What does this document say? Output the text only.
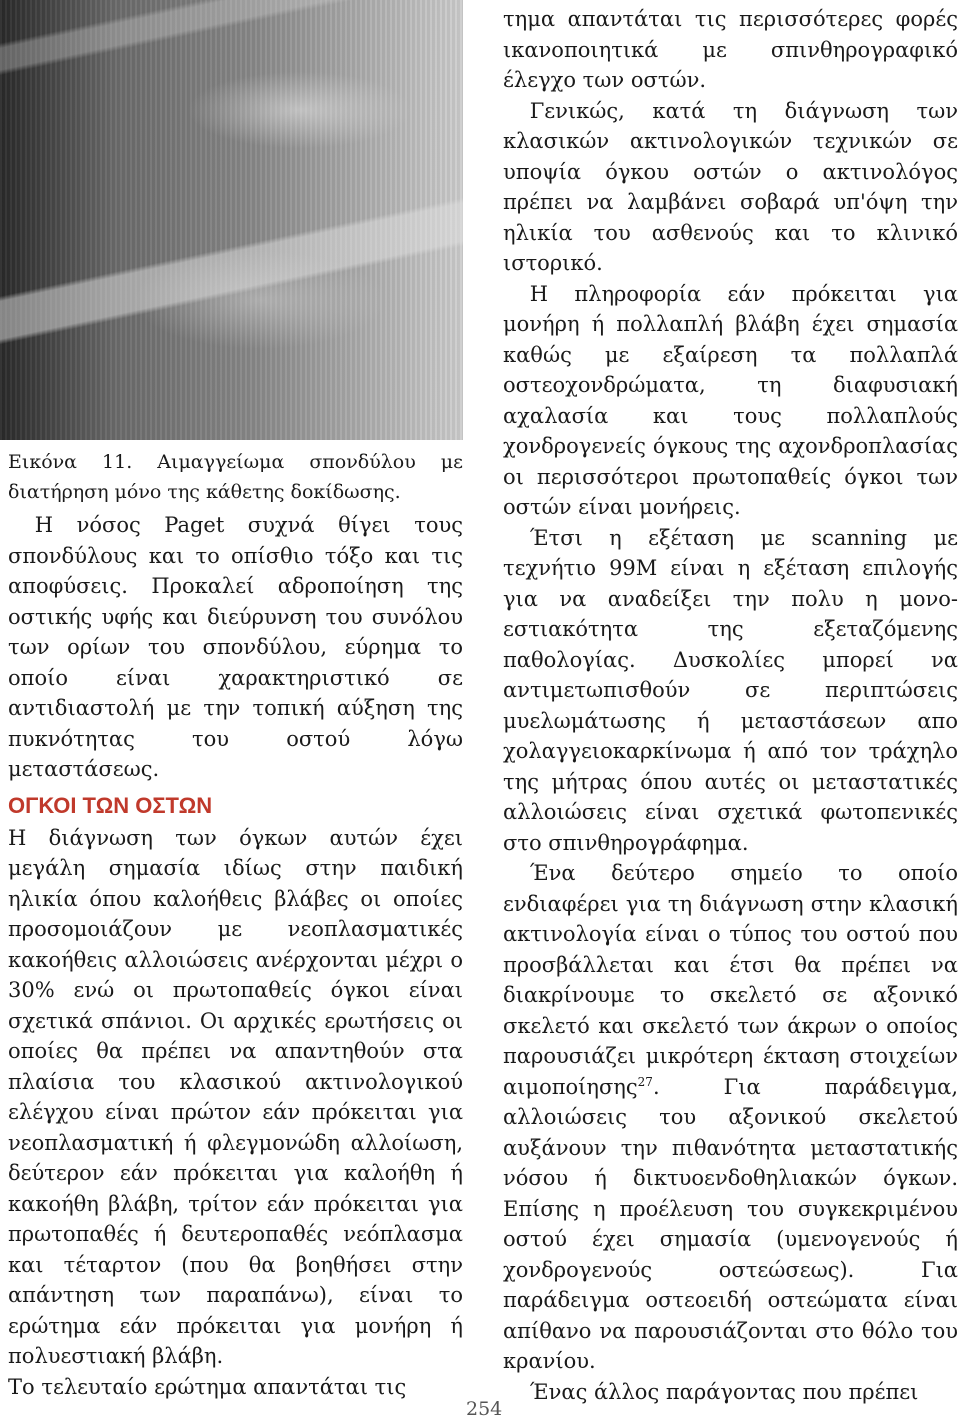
Εικόνα 11. Αιμαγγείωμα σπονδύλου με διατήρηση μόνο της κάθετης δοκίδωσης.

Η νόσος Paget συχνά θίγει τους σπονδύλους και το οπίσθιο τόξο και τις αποφύσεις. Προκαλεί αδροποίηση της οστικής υφής και διεύρυνση του συνόλου των ορίων του σπονδύλου, εύρημα το οποίο είναι χαρακτηριστικό σε αντιδιαστολή με την τοπική αύξηση της πυκνότητας του οστού λόγω μεταστάσεως.

ΟΓΚΟΙ ΤΩΝ ΟΣΤΩΝ

Η διάγνωση των όγκων αυτών έχει μεγάλη σημασία ιδίως στην παιδική ηλικία όπου καλοήθεις βλάβες οι οποίες προσομοιάζουν με νεοπλασματικές κακοήθεις αλλοιώσεις ανέρχονται μέχρι ο 30% ενώ οι πρωτοπαθείς όγκοι είναι σχετικά σπάνιοι. Οι αρχικές ερωτήσεις οι οποίες θα πρέπει να απαντηθούν στα πλαίσια του κλασικού ακτινολογικού ελέγχου είναι πρώτον εάν πρόκειται για νεοπλασματική ή φλεγμονώδη αλλοίωση, δεύτερον εάν πρόκειται για καλοήθη ή κακοήθη βλάβη, τρίτον εάν πρόκειται για πρωτοπαθές ή δευτεροπαθές νεόπλασμα και τέταρτον (που θα βοηθήσει στην απάντηση των παραπάνω), είναι το ερώτημα εάν πρόκειται για μονήρη ή πολυεστιακή βλάβη.

Το τελευταίο ερώτημα απαντάται τις

τημα απαντάται τις περισσότερες φορές ικανοποιητικά με σπινθηρογραφικό έλεγχο των οστών.

Γενικώς, κατά τη διάγνωση των κλασικών ακτινολογικών τεχνικών σε υποψία όγκου οστών ο ακτινολόγος πρέπει να λαμβάνει σοβαρά υπ'όψη την ηλικία του ασθενούς και το κλινικό ιστορικό.

Η πληροφορία εάν πρόκειται για μονήρη ή πολλαπλή βλάβη έχει σημασία καθώς με εξαίρεση τα πολλαπλά οστεοχονδρώματα, τη διαφυσιακή αχαλασία και τους πολλαπλούς χονδρογενείς όγκους της αχονδροπλασίας οι περισσότεροι πρωτοπαθείς όγκοι των οστών είναι μονήρεις.

Έτσι η εξέταση με scanning με τεχνήτιο 99Μ είναι η εξέταση επιλογής για να αναδείξει την πολυ η μονο-εστιακότητα της εξεταζόμενης παθολογίας. Δυσκολίες μπορεί να αντιμετωπισθούν σε περιπτώσεις μυελωμάτωσης ή μεταστάσεων απο χολαγγειοκαρκίνωμα ή από τον τράχηλο της μήτρας όπου αυτές οι μεταστατικές αλλοιώσεις είναι σχετικά φωτοπενικές στο σπινθηρογράφημα.

Ένα δεύτερο σημείο το οποίο ενδιαφέρει για τη διάγνωση στην κλασική ακτινολογία είναι ο τύπος του οστού που προσβάλλεται και έτσι θα πρέπει να διακρίνουμε το σκελετό σε αξονικό σκελετό και σκελετό των άκρων ο οποίος παρουσιάζει μικρότερη έκταση στοιχείων αιμοποίησης$^{27}$. Για παράδειγμα, αλλοιώσεις του αξονικού σκελετού αυξάνουν την πιθανότητα μεταστατικής νόσου ή δικτυοενδοθηλιακών όγκων. Επίσης η προέλευση του συγκεκριμένου οστού έχει σημασία (υμενογενούς ή χονδρογενούς οστεώσεως). Για παράδειγμα οστεοειδή οστεώματα είναι απίθανο να παρουσιάζονται στο θόλο του κρανίου.

Ένας άλλος παράγοντας που πρέπει

254
